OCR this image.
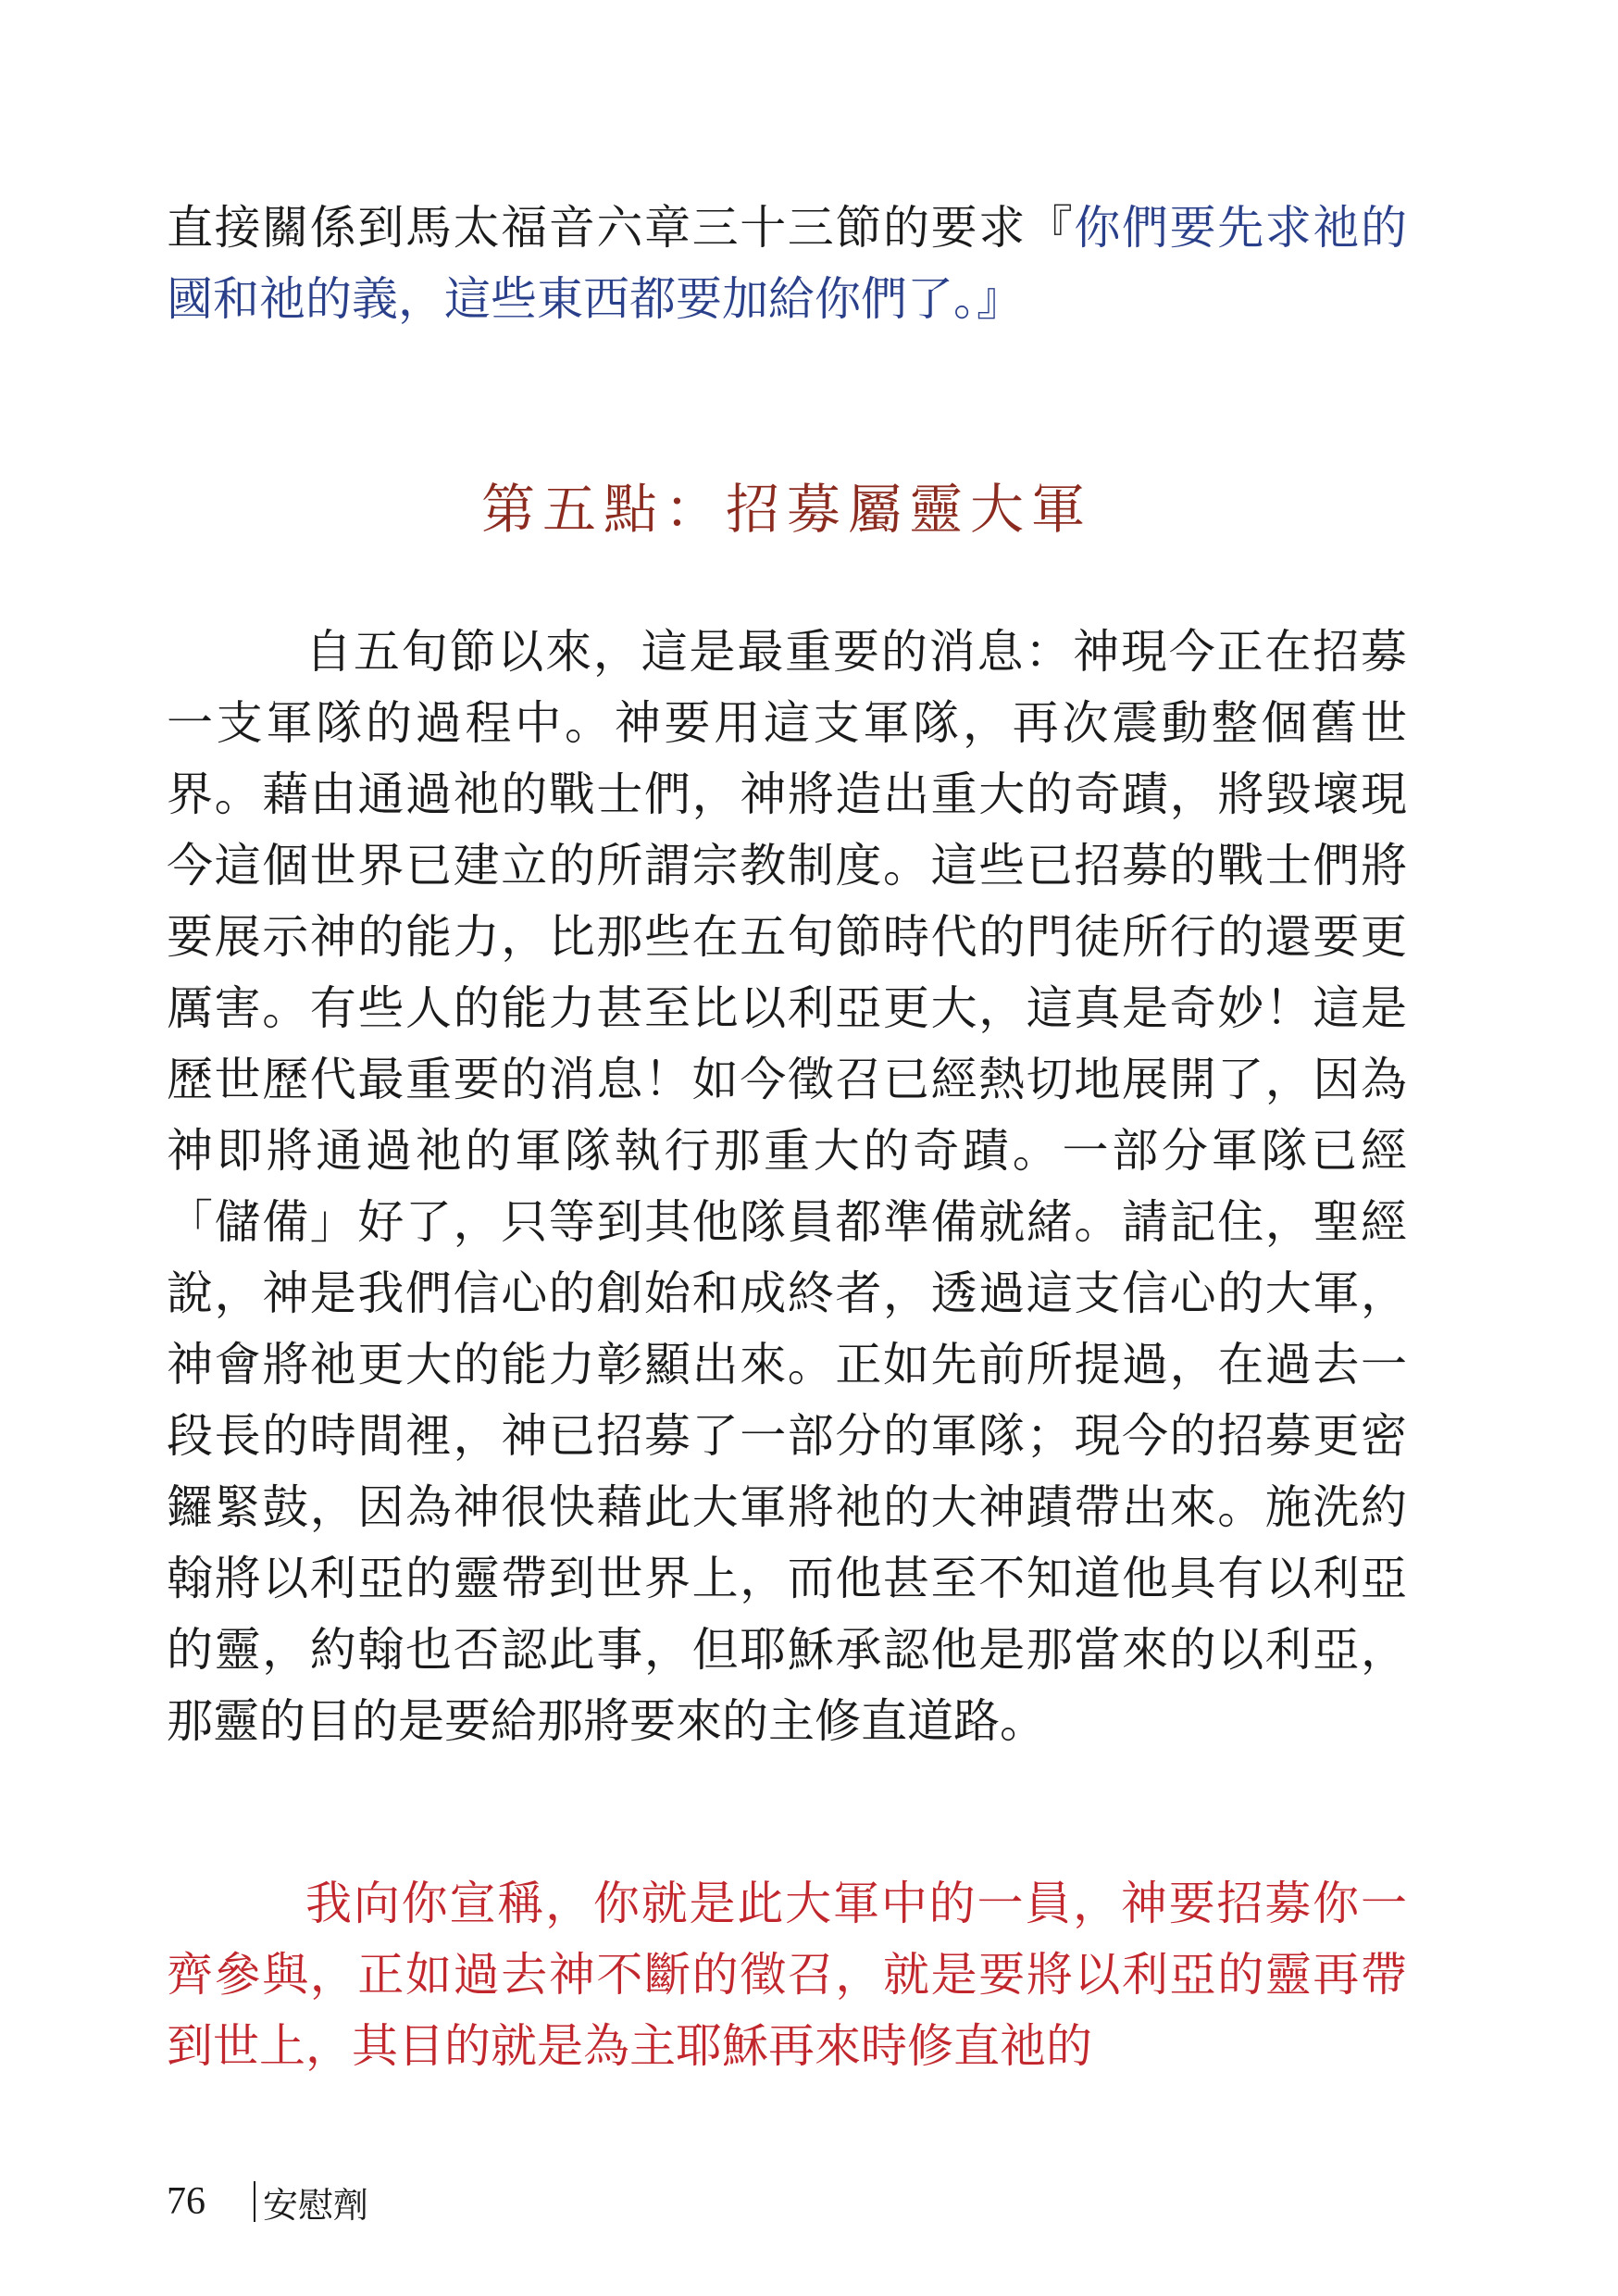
直接關係到馬太福音六章三十三節的要求『你們要先求祂的國和祂的義，這些東西都要加給你們了。』
第五點：招募屬靈大軍
自五旬節以來，這是最重要的消息：神現今正在招募一支軍隊的過程中。神要用這支軍隊，再次震動整個舊世界。藉由通過祂的戰士們，神將造出重大的奇蹟，將毀壞現今這個世界已建立的所謂宗教制度。這些已招募的戰士們將要展示神的能力，比那些在五旬節時代的門徒所行的還要更厲害。有些人的能力甚至比以利亞更大，這真是奇妙！這是歷世歷代最重要的消息！如今徵召已經熱切地展開了，因為神即將通過祂的軍隊執行那重大的奇蹟。一部分軍隊已經「儲備」好了，只等到其他隊員都準備就緒。請記住，聖經說，神是我們信心的創始和成終者，透過這支信心的大軍，神會將祂更大的能力彰顯出來。正如先前所提過，在過去一段長的時間裡，神已招募了一部分的軍隊；現今的招募更密鑼緊鼓，因為神很快藉此大軍將祂的大神蹟帶出來。施洗約翰將以利亞的靈帶到世界上，而他甚至不知道他具有以利亞的靈，約翰也否認此事，但耶穌承認他是那當來的以利亞，那靈的目的是要給那將要來的主修直道路。
我向你宣稱，你就是此大軍中的一員，神要招募你一齊參與，正如過去神不斷的徵召，就是要將以利亞的靈再帶到世上，其目的就是為主耶穌再來時修直祂的
76 安慰劑
